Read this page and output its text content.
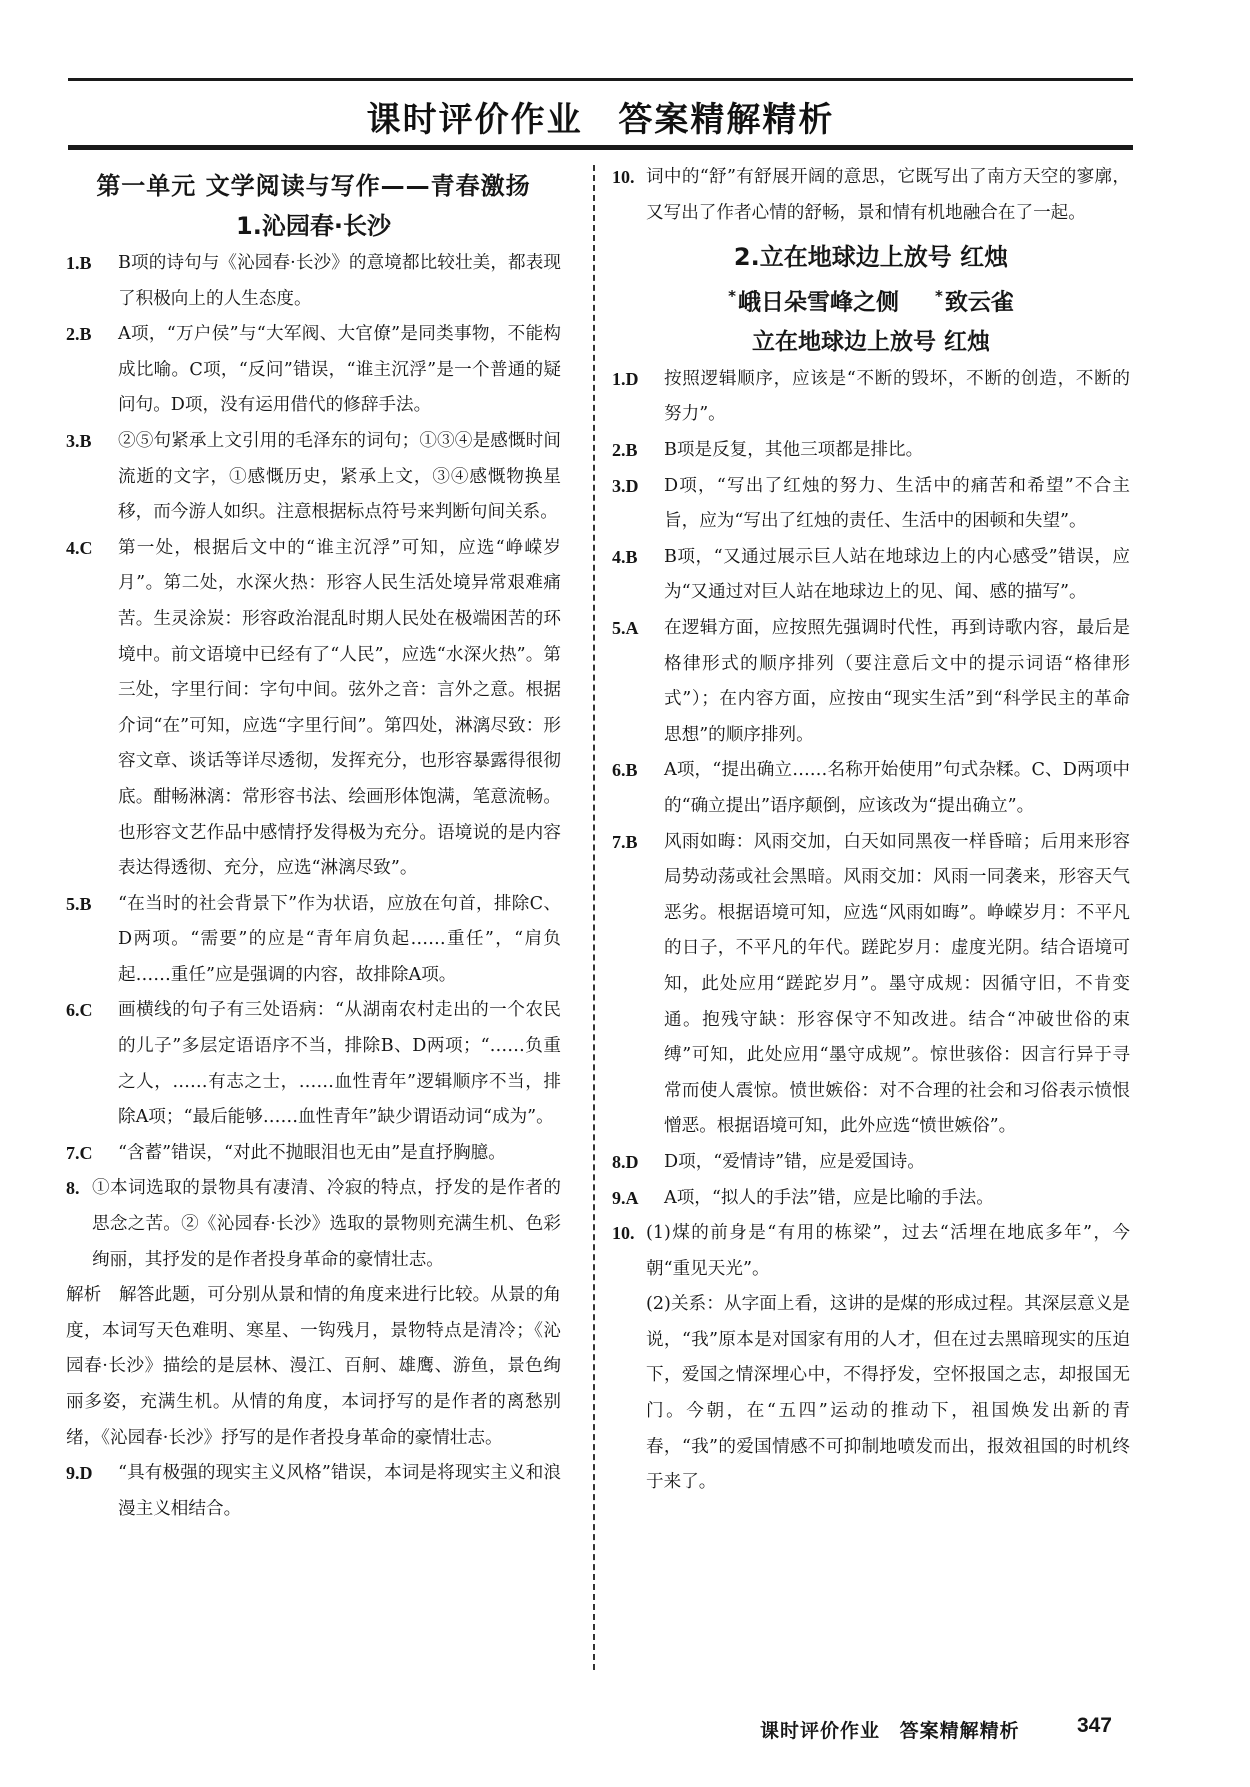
课时评价作业 答案精解精析
第一单元 文学阅读与写作——青春激扬
1.沁园春·长沙

1.B B项的诗句与《沁园春·长沙》的意境都比较壮美，都表现了积极向上的人生态度。

2.B A项，“万户侯”与“大军阀、大官僚”是同类事物，不能构成比喻。C项，“反问”错误，“谁主沉浮”是一个普通的疑问句。D项，没有运用借代的修辞手法。

3.B ②⑤句紧承上文引用的毛泽东的词句；①③④是感慨时间流逝的文字，①感慨历史，紧承上文，③④感慨物换星移，而今游人如织。注意根据标点符号来判断句间关系。

4.C 第一处，根据后文中的“谁主沉浮”可知，应选“峥嵘岁月”。第二处，水深火热：形容人民生活处境异常艰难痛苦。生灵涂炭：形容政治混乱时期人民处在极端困苦的环境中。前文语境中已经有了“人民”，应选“水深火热”。第三处，字里行间：字句中间。弦外之音：言外之意。根据介词“在”可知，应选“字里行间”。第四处，淋漓尽致：形容文章、谈话等详尽透彻，发挥充分，也形容暴露得很彻底。酣畅淋漓：常形容书法、绘画形体饱满，笔意流畅。也形容文艺作品中感情抒发得极为充分。语境说的是内容表达得透彻、充分，应选“淋漓尽致”。

5.B “在当时的社会背景下”作为状语，应放在句首，排除C、D两项。“需要”的应是“青年肩负起……重任”，“肩负起……重任”应是强调的内容，故排除A项。

6.C 画横线的句子有三处语病：“从湖南农村走出的一个农民的儿子”多层定语语序不当，排除B、D两项；“……负重之人，……有志之士，……血性青年”逻辑顺序不当，排除A项；“最后能够……血性青年”缺少谓语动词“成为”。

7.C “含蓄”错误，“对此不抛眼泪也无由”是直抒胸臆。

8. ①本词选取的景物具有凄清、冷寂的特点，抒发的是作者的思念之苦。②《沁园春·长沙》选取的景物则充满生机、色彩绚丽，其抒发的是作者投身革命的豪情壮志。

解析　解答此题，可分别从景和情的角度来进行比较。从景的角度，本词写天色难明、寒星、一钩残月，景物特点是清冷；《沁园春·长沙》描绘的是层林、漫江、百舸、雄鹰、游鱼，景色绚丽多姿，充满生机。从情的角度，本词抒写的是作者的离愁别绪，《沁园春·长沙》抒写的是作者投身革命的豪情壮志。

9.D “具有极强的现实主义风格”错误，本词是将现实主义和浪漫主义相结合。

10. 词中的“舒”有舒展开阔的意思，它既写出了南方天空的寥廓，又写出了作者心情的舒畅，景和情有机地融合在了一起。

2.立在地球边上放号 红烛
*峨日朵雪峰之侧 *致云雀
立在地球边上放号 红烛

1.D 按照逻辑顺序，应该是“不断的毁坏，不断的创造，不断的努力”。

2.B B项是反复，其他三项都是排比。

3.D D项，“写出了红烛的努力、生活中的痛苦和希望”不合主旨，应为“写出了红烛的责任、生活中的困顿和失望”。

4.B B项，“又通过展示巨人站在地球边上的内心感受”错误，应为“又通过对巨人站在地球边上的见、闻、感的描写”。

5.A 在逻辑方面，应按照先强调时代性，再到诗歌内容，最后是格律形式的顺序排列（要注意后文中的提示词语“格律形式”）；在内容方面，应按由“现实生活”到“科学民主的革命思想”的顺序排列。

6.B A项，“提出确立……名称开始使用”句式杂糅。C、D两项中的“确立提出”语序颠倒，应该改为“提出确立”。

7.B 风雨如晦：风雨交加，白天如同黑夜一样昏暗；后用来形容局势动荡或社会黑暗。风雨交加：风雨一同袭来，形容天气恶劣。根据语境可知，应选“风雨如晦”。峥嵘岁月：不平凡的日子，不平凡的年代。蹉跎岁月：虚度光阴。结合语境可知，此处应用“蹉跎岁月”。墨守成规：因循守旧，不肯变通。抱残守缺：形容保守不知改进。结合“冲破世俗的束缚”可知，此处应用“墨守成规”。惊世骇俗：因言行异于寻常而使人震惊。愤世嫉俗：对不合理的社会和习俗表示愤恨憎恶。根据语境可知，此外应选“愤世嫉俗”。

8.D D项，“爱情诗”错，应是爱国诗。

9.A A项，“拟人的手法”错，应是比喻的手法。

10. (1)煤的前身是“有用的栋梁”，过去“活埋在地底多年”，今朝“重见天光”。

(2)关系：从字面上看，这讲的是煤的形成过程。其深层意义是说，“我”原本是对国家有用的人才，但在过去黑暗现实的压迫下，爱国之情深埋心中，不得抒发，空怀报国之志，却报国无门。今朝，在“五四”运动的推动下，祖国焕发出新的青春，“我”的爱国情感不可抑制地喷发而出，报效祖国的时机终于来了。

课时评价作业 答案精解精析	347
